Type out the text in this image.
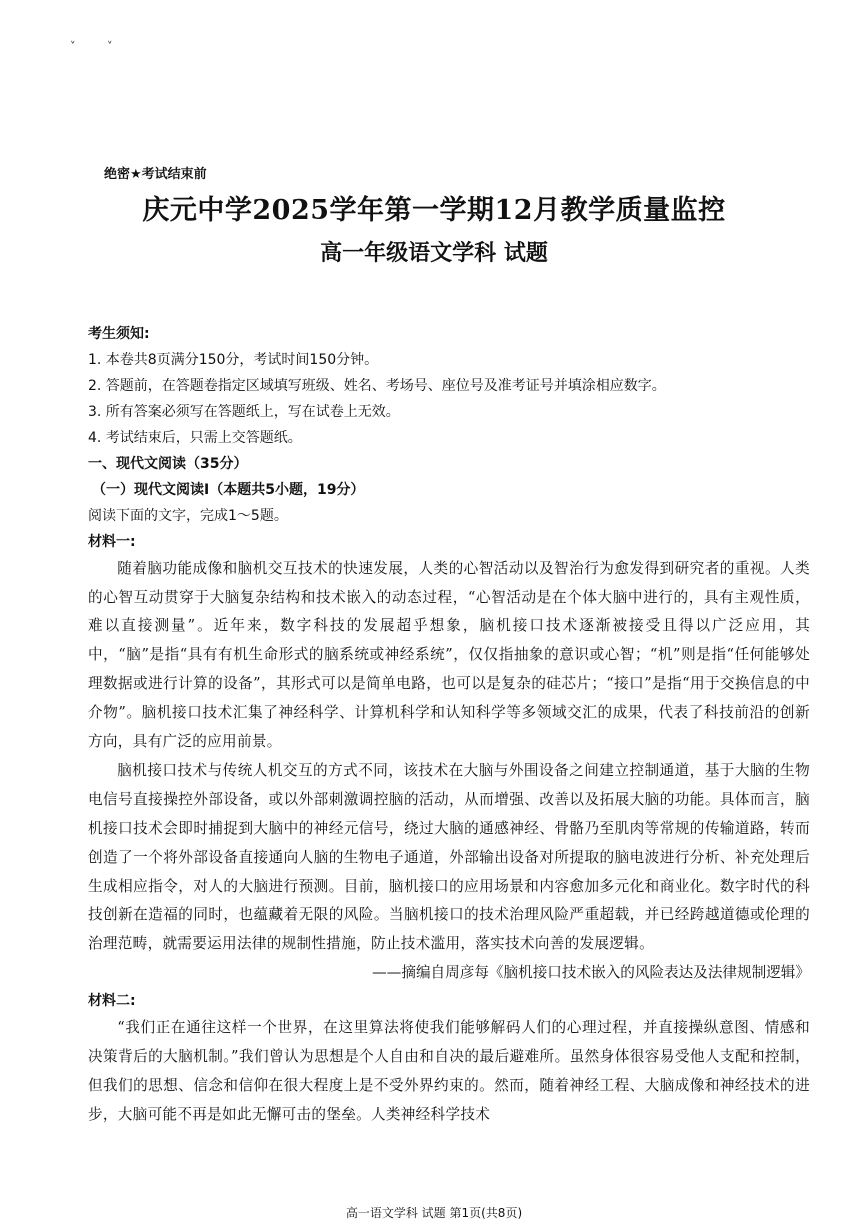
˅ ˅
绝密★考试结束前
庆元中学2025学年第一学期12月教学质量监控
高一年级语文学科 试题

考生须知:

1. 本卷共8页满分150分，考试时间150分钟。

2. 答题前，在答题卷指定区域填写班级、姓名、考场号、座位号及准考证号并填涂相应数字。

3. 所有答案必须写在答题纸上，写在试卷上无效。

4. 考试结束后，只需上交答题纸。

一、现代文阅读（35分）

（一）现代文阅读Ⅰ（本题共5小题，19分）

阅读下面的文字，完成1～5题。

材料一:

随着脑功能成像和脑机交互技术的快速发展，人类的心智活动以及智治行为愈发得到研究者的重视。人类的心智互动贯穿于大脑复杂结构和技术嵌入的动态过程，“心智活动是在个体大脑中进行的，具有主观性质，难以直接测量”。近年来，数字科技的发展超乎想象，脑机接口技术逐渐被接受且得以广泛应用，其中，“脑”是指“具有有机生命形式的脑系统或神经系统”，仅仅指抽象的意识或心智；“机”则是指“任何能够处理数据或进行计算的设备”，其形式可以是简单电路，也可以是复杂的硅芯片；“接口”是指“用于交换信息的中介物”。脑机接口技术汇集了神经科学、计算机科学和认知科学等多领域交汇的成果，代表了科技前沿的创新方向，具有广泛的应用前景。

脑机接口技术与传统人机交互的方式不同，该技术在大脑与外围设备之间建立控制通道，基于大脑的生物电信号直接操控外部设备，或以外部刺激调控脑的活动，从而增强、改善以及拓展大脑的功能。具体而言，脑机接口技术会即时捕捉到大脑中的神经元信号，绕过大脑的通感神经、骨骼乃至肌肉等常规的传输道路，转而创造了一个将外部设备直接通向人脑的生物电子通道，外部输出设备对所提取的脑电波进行分析、补充处理后生成相应指令，对人的大脑进行预测。目前，脑机接口的应用场景和内容愈加多元化和商业化。数字时代的科技创新在造福的同时，也蕴藏着无限的风险。当脑机接口的技术治理风险严重超载，并已经跨越道德或伦理的治理范畴，就需要运用法律的规制性措施，防止技术滥用，落实技术向善的发展逻辑。

——摘编自周彦每《脑机接口技术嵌入的风险表达及法律规制逻辑》

材料二:

“我们正在通往这样一个世界，在这里算法将使我们能够解码人们的心理过程，并直接操纵意图、情感和决策背后的大脑机制。”我们曾认为思想是个人自由和自决的最后避难所。虽然身体很容易受他人支配和控制，但我们的思想、信念和信仰在很大程度上是不受外界约束的。然而，随着神经工程、大脑成像和神经技术的进步，大脑可能不再是如此无懈可击的堡垒。人类神经科学技术

高一语文学科 试题 第1页(共8页)
